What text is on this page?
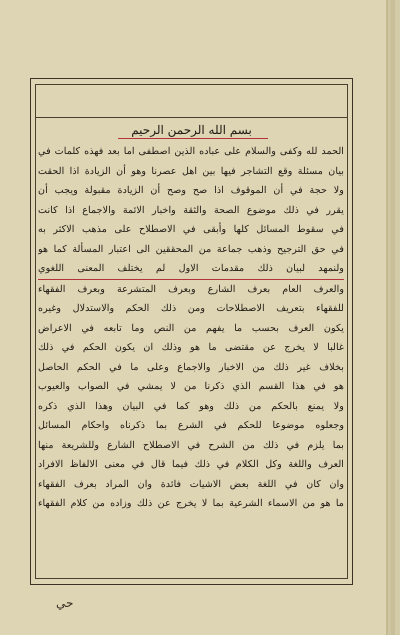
بسم الله الرحمن الرحيم
الحمد لله وكفى والسلام على عباده الذين اصطفى اما بعد فهذه كلمات في
بيان مسئلة وقع التشاجر فيها بين اهل عصرنا وهو أن الزيادة اذا الحقت
ولا حجة في أن الموقوف اذا صح وصح أن الزيادة مقبولة ويجب أن
يقرر في ذلك موضوع الصحة والثقة واخبار الائمة والاجماع اذا كانت
في سقوط المسائل كلها وأبقى في الاصطلاح على مذهب الاكثر به
في حق الترجيح وذهب جماعة من المحققين الى اعتبار المسألة كما هو
ولنمهد لبيان ذلك مقدمات الاول لم يختلف المعنى اللغوي
والعرف العام بعرف الشارع وبعرف المتشرعة وبعرف الفقهاء
للفقهاء بتعريف الاصطلاحات ومن ذلك الحكم والاستدلال وغيره
يكون العرف بحسب ما يفهم من النص وما تابعه في الاعراض
غالبا لا يخرج عن مقتضى ما هو وذلك ان يكون الحكم في ذلك
بخلاف غير ذلك من الاخبار والاجماع وعلى ما في الحكم الحاصل
هو في هذا القسم الذي ذكرنا من لا يمشي في الصواب والعيوب
ولا يمنع بالحكم من ذلك وهو كما في البيان وهذا الذي ذكره
وجعلوه موضوعا للحكم في الشرع بما ذكرناه واحكام المسائل
بما يلزم في ذلك من الشرح في الاصطلاح الشارع وللشريعة منها
العرف واللغة وكل الكلام في ذلك فيما قال في معنى الالفاظ الافراد
وان كان في اللغة بعض الاشيات فائدة وان المراد بعرف الفقهاء
ما هو من الاسماء الشرعية بما لا يخرج عن ذلك وزاده من كلام الفقهاء
حي
